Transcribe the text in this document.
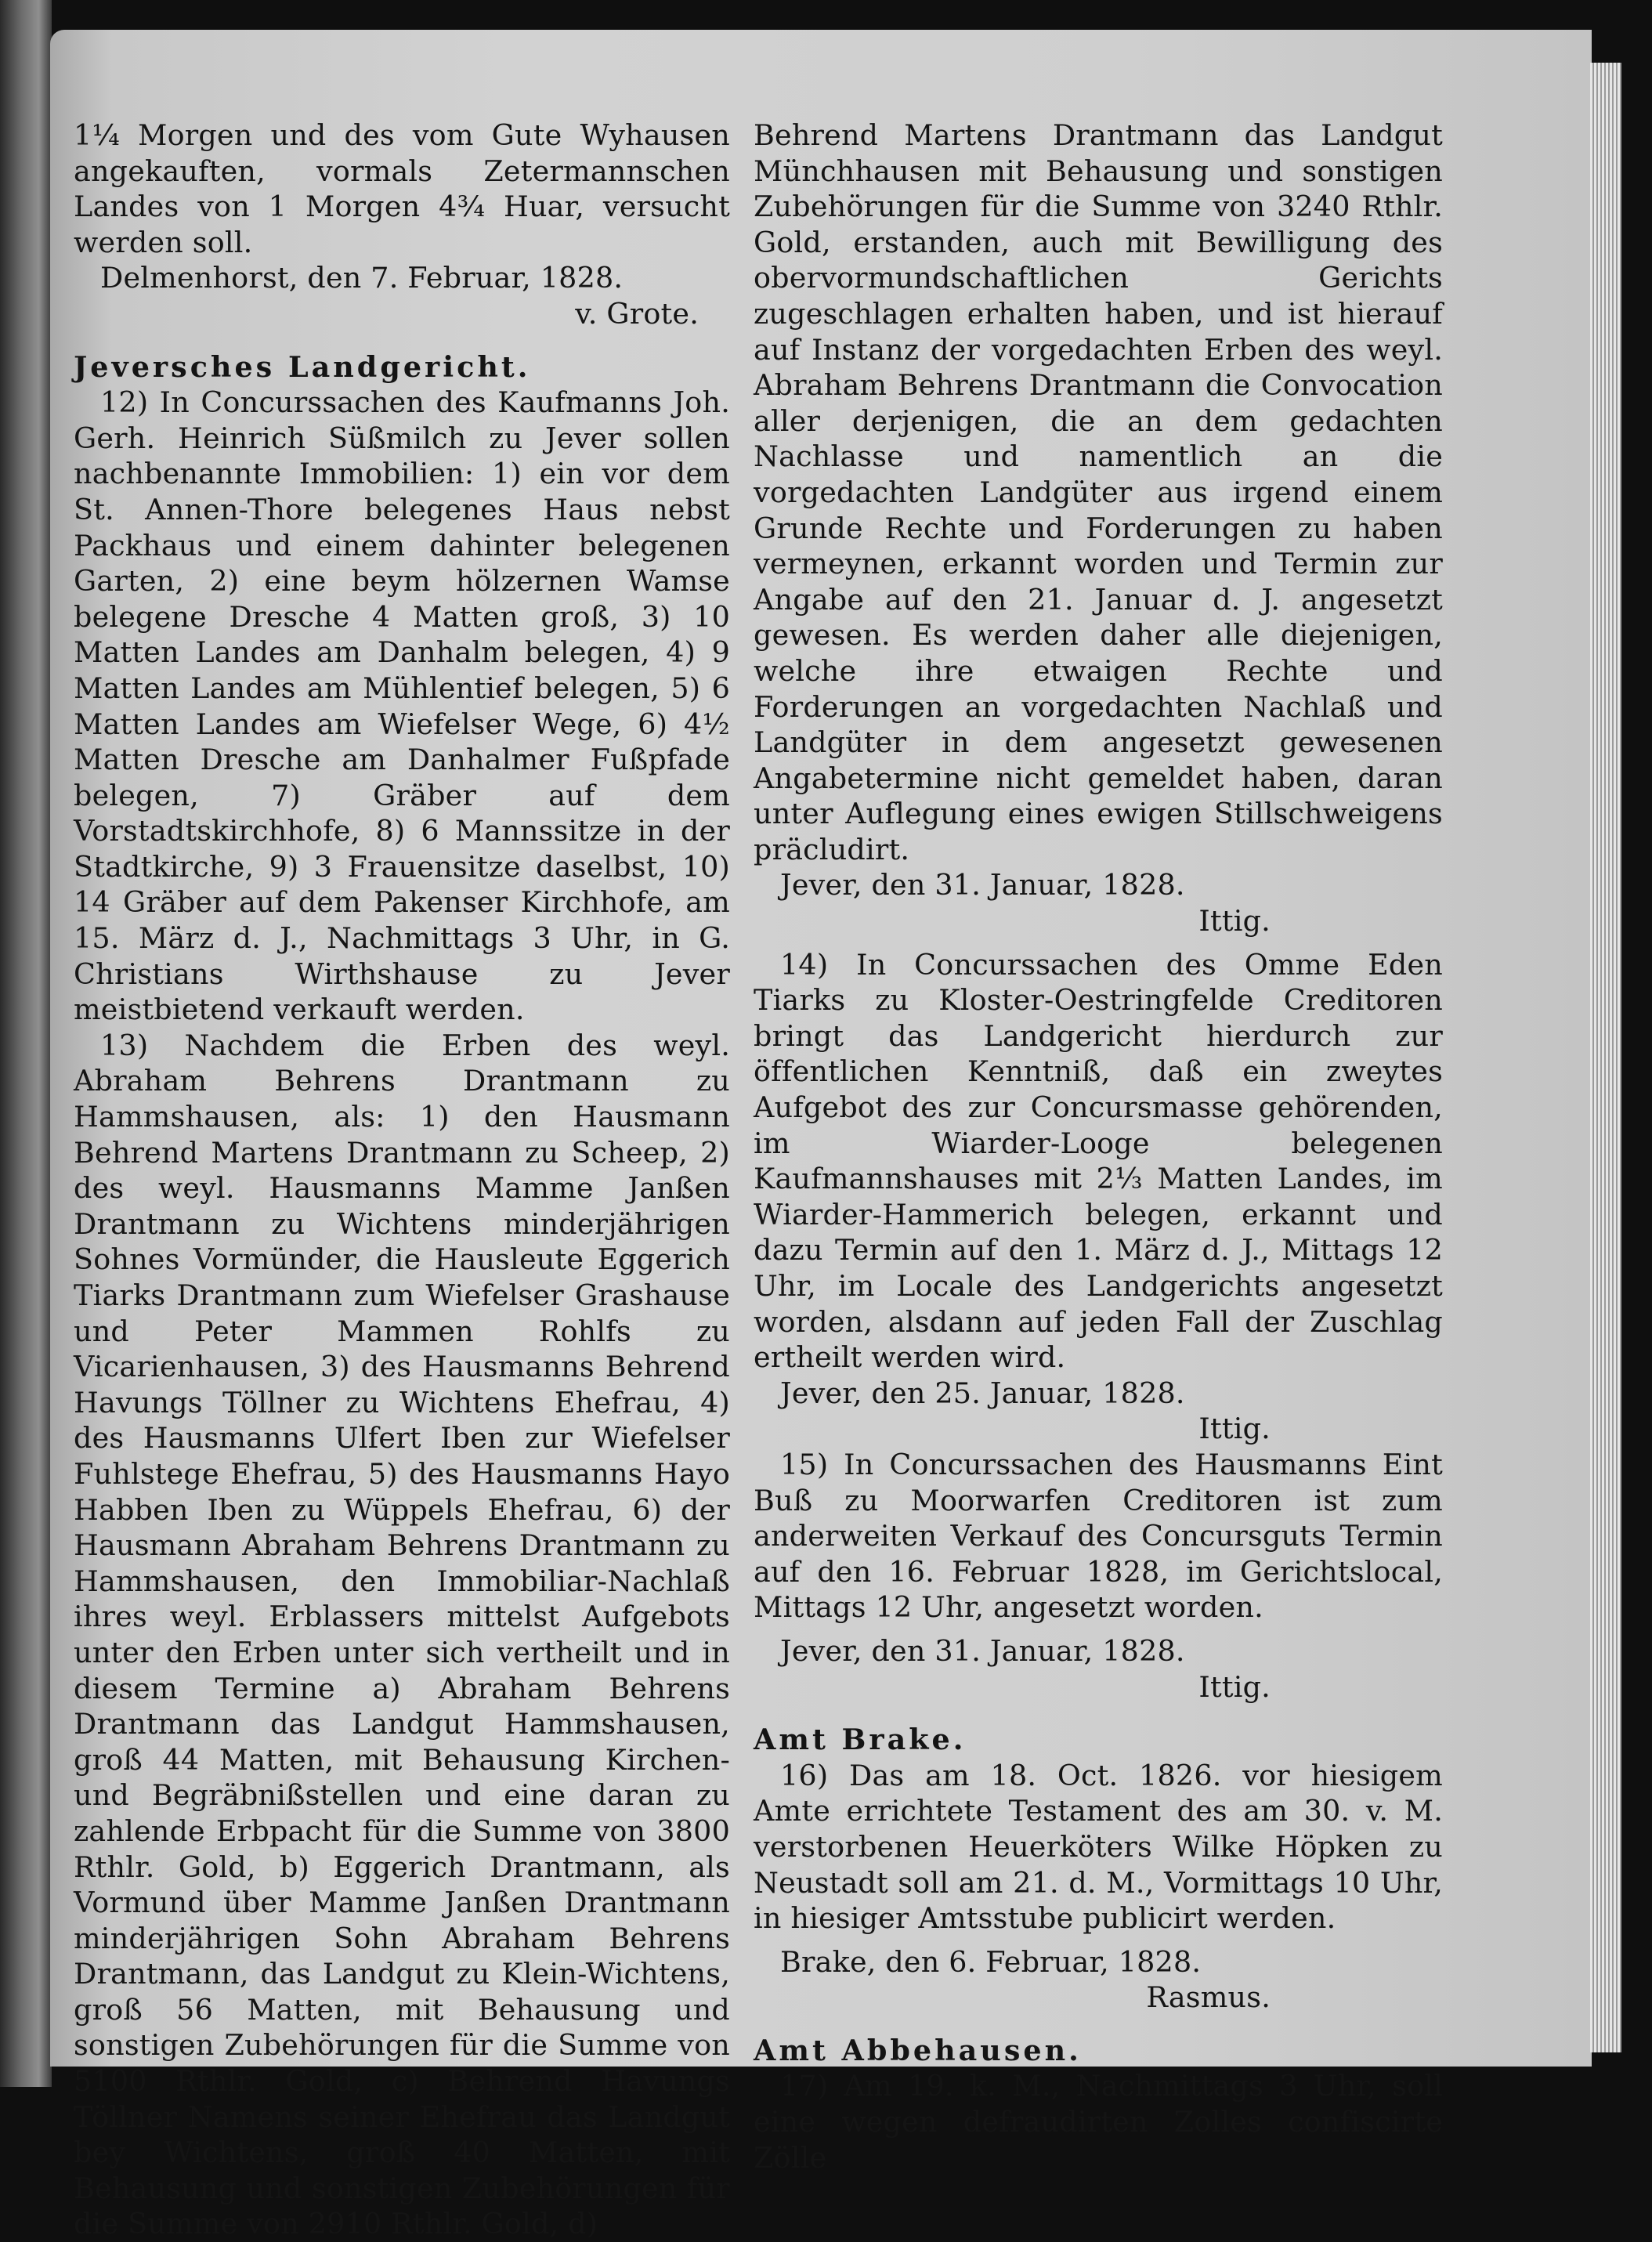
1¼ Morgen und des vom Gute Wyhausen angekauften, vormals Zetermannschen Landes von 1 Morgen 4¾ Huar, versucht werden soll.

Delmenhorst, den 7. Februar, 1828.

v. Grote.

Jeversches Landgericht.

12) In Concurssachen des Kaufmanns Joh. Gerh. Heinrich Süßmilch zu Jever sollen nachbenannte Immobilien: 1) ein vor dem St. Annen-Thore belegenes Haus nebst Packhaus und einem dahinter belegenen Garten, 2) eine beym hölzernen Wamse belegene Dresche 4 Matten groß, 3) 10 Matten Landes am Danhalm belegen, 4) 9 Matten Landes am Mühlentief belegen, 5) 6 Matten Landes am Wiefelser Wege, 6) 4½ Matten Dresche am Danhalmer Fußpfade belegen, 7) Gräber auf dem Vorstadtskirchhofe, 8) 6 Mannssitze in der Stadtkirche, 9) 3 Frauensitze daselbst, 10) 14 Gräber auf dem Pakenser Kirchhofe, am 15. März d. J., Nachmittags 3 Uhr, in G. Christians Wirthshause zu Jever meistbietend verkauft werden.

13) Nachdem die Erben des weyl. Abraham Behrens Drantmann zu Hammshausen, als: 1) den Hausmann Behrend Martens Drantmann zu Scheep, 2) des weyl. Hausmanns Mamme Janßen Drantmann zu Wichtens minderjährigen Sohnes Vormünder, die Hausleute Eggerich Tiarks Drantmann zum Wiefelser Grashause und Peter Mammen Rohlfs zu Vicarienhausen, 3) des Hausmanns Behrend Havungs Töllner zu Wichtens Ehefrau, 4) des Hausmanns Ulfert Iben zur Wiefelser Fuhlstege Ehefrau, 5) des Hausmanns Hayo Habben Iben zu Wüppels Ehefrau, 6) der Hausmann Abraham Behrens Drantmann zu Hammshausen, den Immobiliar-Nachlaß ihres weyl. Erblassers mittelst Aufgebots unter den Erben unter sich vertheilt und in diesem Termine a) Abraham Behrens Drantmann das Landgut Hammshausen, groß 44 Matten, mit Behausung Kirchen- und Begräbnißstellen und eine daran zu zahlende Erbpacht für die Summe von 3800 Rthlr. Gold, b) Eggerich Drantmann, als Vormund über Mamme Janßen Drantmann minderjährigen Sohn Abraham Behrens Drantmann, das Landgut zu Klein-Wichtens, groß 56 Matten, mit Behausung und sonstigen Zubehörungen für die Summe von 5100 Rthlr. Gold, c) Behrend Havungs Töllner Namens seiner Ehefrau das Landgut bey Wichtens, groß 40 Matten, mit Behausung und sonstigen Zubehörungen für die Summe von 2910 Rthlr. Gold, d)

Behrend Martens Drantmann das Landgut Münchhausen mit Behausung und sonstigen Zubehörungen für die Summe von 3240 Rthlr. Gold, erstanden, auch mit Bewilligung des obervormundschaftlichen Gerichts zugeschlagen erhalten haben, und ist hierauf auf Instanz der vorgedachten Erben des weyl. Abraham Behrens Drantmann die Convocation aller derjenigen, die an dem gedachten Nachlasse und namentlich an die vorgedachten Landgüter aus irgend einem Grunde Rechte und Forderungen zu haben vermeynen, erkannt worden und Termin zur Angabe auf den 21. Januar d. J. angesetzt gewesen. Es werden daher alle diejenigen, welche ihre etwaigen Rechte und Forderungen an vorgedachten Nachlaß und Landgüter in dem angesetzt gewesenen Angabetermine nicht gemeldet haben, daran unter Auflegung eines ewigen Stillschweigens präcludirt.

Jever, den 31. Januar, 1828.

Ittig.

14) In Concurssachen des Omme Eden Tiarks zu Kloster-Oestringfelde Creditoren bringt das Landgericht hierdurch zur öffentlichen Kenntniß, daß ein zweytes Aufgebot des zur Concursmasse gehörenden, im Wiarder-Looge belegenen Kaufmannshauses mit 2⅓ Matten Landes, im Wiarder-Hammerich belegen, erkannt und dazu Termin auf den 1. März d. J., Mittags 12 Uhr, im Locale des Landgerichts angesetzt worden, alsdann auf jeden Fall der Zuschlag ertheilt werden wird.

Jever, den 25. Januar, 1828.

Ittig.

15) In Concurssachen des Hausmanns Eint Buß zu Moorwarfen Creditoren ist zum anderweiten Verkauf des Concursguts Termin auf den 16. Februar 1828, im Gerichtslocal, Mittags 12 Uhr, angesetzt worden.

Jever, den 31. Januar, 1828.

Ittig.

Amt Brake.

16) Das am 18. Oct. 1826. vor hiesigem Amte errichtete Testament des am 30. v. M. verstorbenen Heuerköters Wilke Höpken zu Neustadt soll am 21. d. M., Vormittags 10 Uhr, in hiesiger Amtsstube publicirt werden.

Brake, den 6. Februar, 1828.

Rasmus.

Amt Abbehausen.

17) Am 19. k. M., Nachmittags 3 Uhr, soll eine wegen defraudirten Zolles confiscirte Zölle
